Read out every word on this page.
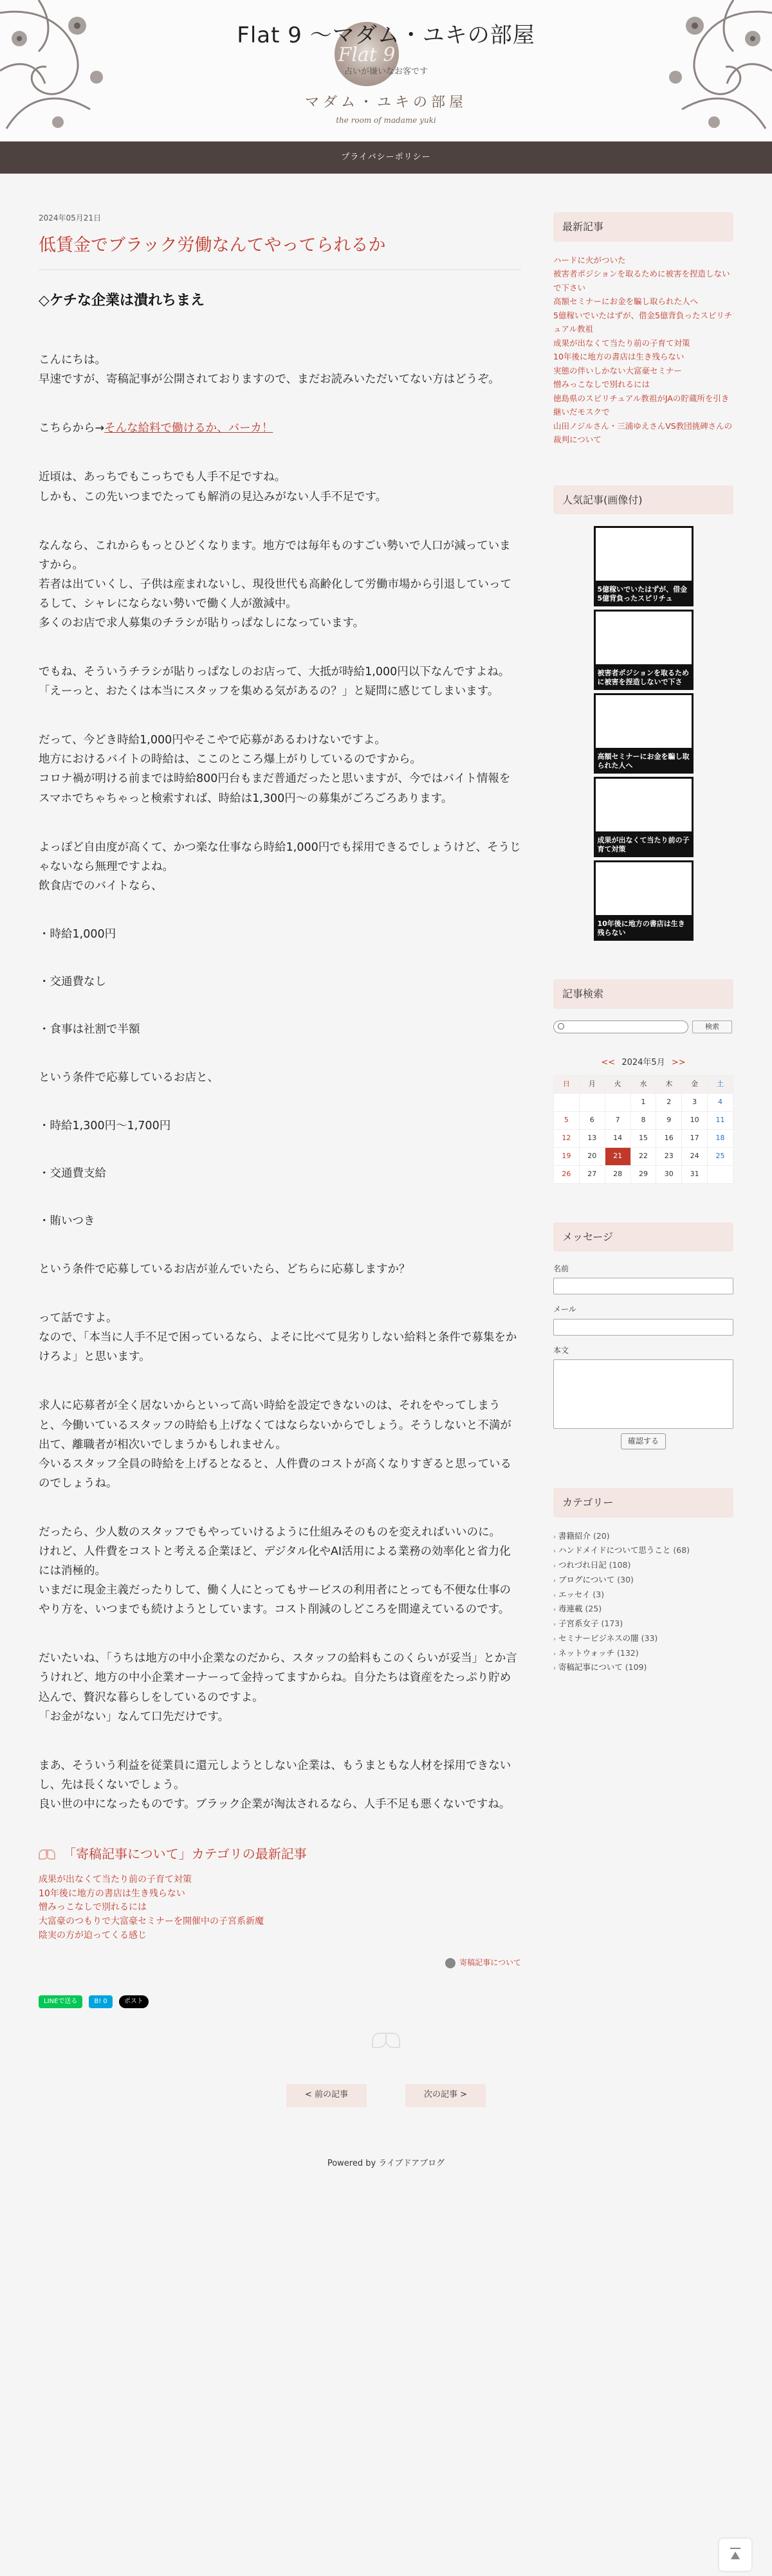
Flat 9
Flat 9 〜マダム・ユキの部屋
占いが嫌いなお客です
マダム・ユキの部屋
the room of madame yuki
プライバシーポリシー
2024年05月21日
低賃金でブラック労働なんてやってられるか
◇ケチな企業は潰れちまえ
こんにちは。
早速ですが、寄稿記事が公開されておりますので、まだお読みいただいてない方はどうぞ。
こちらから→そんな給料で働けるか、バーカ！
近頃は、あっちでもこっちでも人手不足ですね。
しかも、この先いつまでたっても解消の見込みがない人手不足です。
なんなら、これからもっとひどくなります。地方では毎年ものすごい勢いで人口が減っていますから。
若者は出ていくし、子供は産まれないし、現役世代も高齢化して労働市場から引退していってるして、シャレにならない勢いで働く人が激減中。
多くのお店で求人募集のチラシが貼りっぱなしになっています。
でもね、そういうチラシが貼りっぱなしのお店って、大抵が時給1,000円以下なんですよね。
「えーっと、おたくは本当にスタッフを集める気があるの？」と疑問に感じてしまいます。
だって、今どき時給1,000円やそこやで応募があるわけないですよ。
地方におけるバイトの時給は、ここのところ爆上がりしているのですから。
コロナ禍が明ける前までは時給800円台もまだ普通だったと思いますが、今ではバイト情報をスマホでちゃちゃっと検索すれば、時給は1,300円〜の募集がごろごろあります。
よっぽど自由度が高くて、かつ楽な仕事なら時給1,000円でも採用できるでしょうけど、そうじゃないなら無理ですよね。
飲食店でのバイトなら、
・時給1,000円
・交通費なし
・食事は社割で半額
という条件で応募しているお店と、
・時給1,300円〜1,700円
・交通費支給
・賄いつき
という条件で応募しているお店が並んでいたら、どちらに応募しますか？
って話ですよ。
なので、「本当に人手不足で困っているなら、よそに比べて見劣りしない給料と条件で募集をかけろよ」と思います。
求人に応募者が全く居ないからといって高い時給を設定できないのは、それをやってしまうと、今働いているスタッフの時給も上げなくてはならないからでしょう。そうしないと不満が出て、離職者が相次いでしまうかもしれません。
今いるスタッフ全員の時給を上げるとなると、人件費のコストが高くなりすぎると思っているのでしょうね。
だったら、少人数のスタッフでもやっていけるように仕組みそのものを変えればいいのに。
けれど、人件費をコストと考える企業ほど、デジタル化やAI活用による業務の効率化と省力化には消極的。
いまだに現金主義だったりして、働く人にとってもサービスの利用者にとっても不便な仕事のやり方を、いつまでも続けようとしています。コスト削減のしどころを間違えているのです。
だいたいね、「うちは地方の中小企業なのだから、スタッフの給料もこのくらいが妥当」とか言うけれど、地方の中小企業オーナーって金持ってますからね。自分たちは資産をたっぷり貯め込んで、贅沢な暮らしをしているのですよ。
「お金がない」なんて口先だけです。
まあ、そういう利益を従業員に還元しようとしない企業は、もうまともな人材を採用できないし、先は長くないでしょう。
良い世の中になったものです。ブラック企業が淘汰されるなら、人手不足も悪くないですね。
「寄稿記事について」カテゴリの最新記事
成果が出なくて当たり前の子育て対策
10年後に地方の書店は生き残らない
憎みっこなしで別れるには
大富豪のつもりで大富豪セミナーを開催中の子宮系新魔
陰実の方が迫ってくる感じ
寄稿記事について
LINEで送る	B! 0	ポスト
最新記事
ハードに火がついた
被害者ポジションを取るために被害を捏造しないで下さい
高額セミナーにお金を騙し取られた人へ
5億稼いでいたはずが、借金5億背負ったスピリチュアル教祖
成果が出なくて当たり前の子育て対策
10年後に地方の書店は生き残らない
実態の伴いしかない大富豪セミナー
憎みっこなしで別れるには
徳島県のスピリチュアル教祖がJAの貯蔵所を引き継いだモスクで
山田ノジルさん・三浦ゆえさんVS教団挑碑さんの裁判について
人気記事(画像付)
5億稼いでいたはずが、借金5億背負ったスピリチュ
被害者ポジションを取るために被害を捏造しないで下さ
高額セミナーにお金を騙し取られた人へ
成果が出なくて当たり前の子育て対策
10年後に地方の書店は生き残らない
記事検索
検索
<< 2024年5月 >>
日	月	火	水	木	金	土
			1	2	3	4
5	6	7	8	9	10	11
12	13	14	15	16	17	18
19	20	21	22	23	24	25
26	27	28	29	30	31	
メッセージ
名前
メール
本文
確認する
カテゴリー
› 書籍紹介 (20)
› ハンドメイドについて思うこと (68)
› つれづれ日記 (108)
› ブログについて (30)
› エッセイ (3)
› 毒連載 (25)
› 子宮系女子 (173)
› セミナービジネスの闇 (33)
› ネットウォッチ (132)
› 寄稿記事について (109)
< 前の記事	次の記事 >
Powered by ライブドアブログ
